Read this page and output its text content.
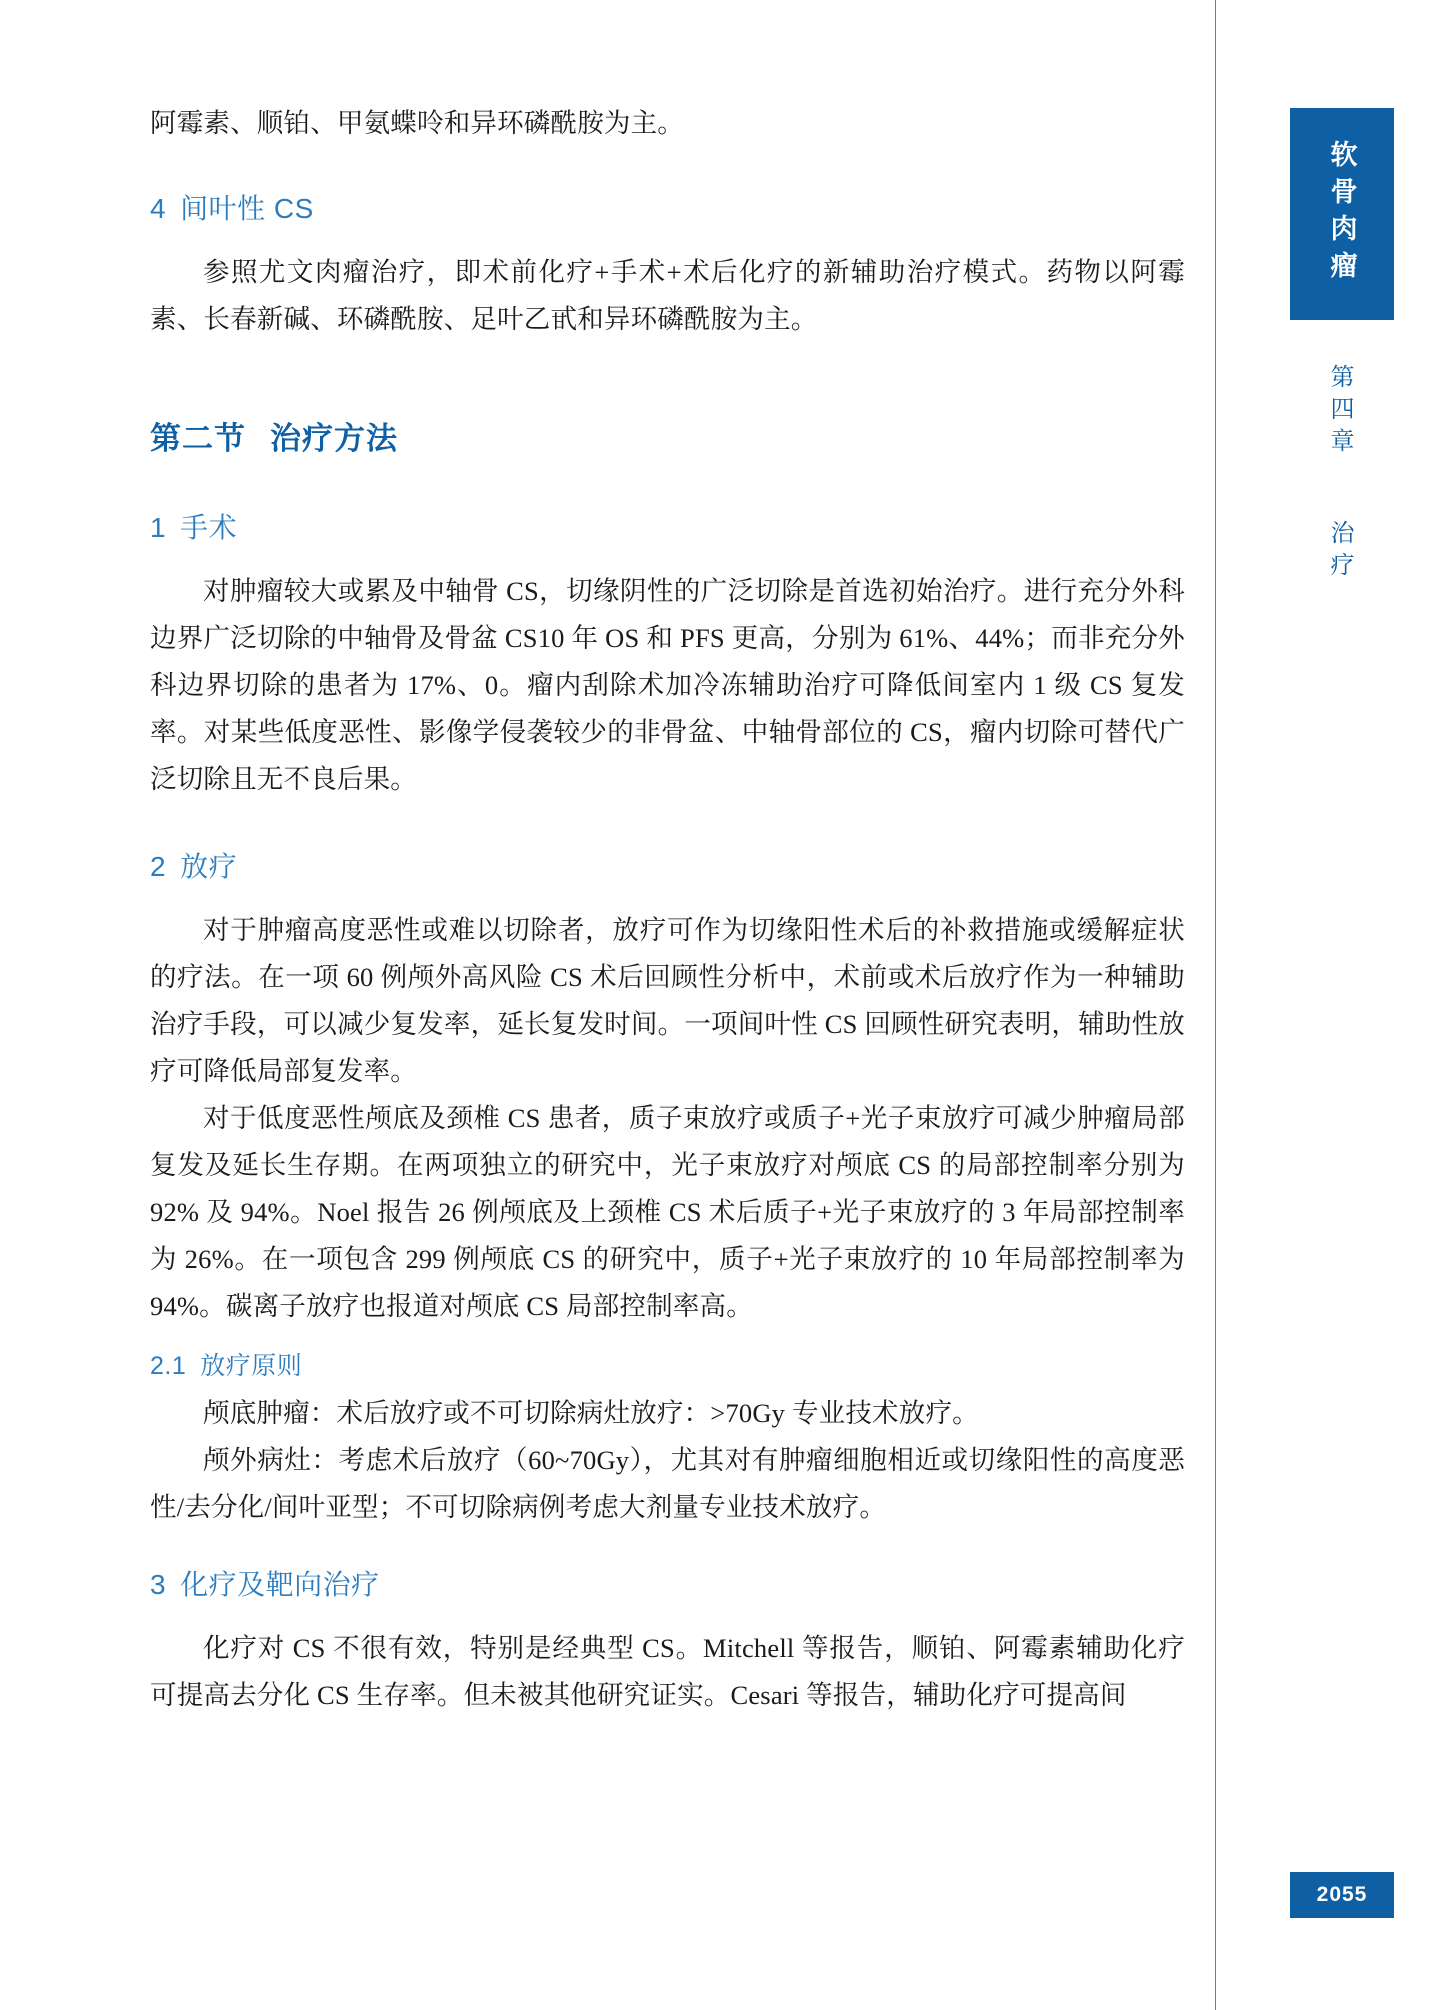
软骨肉瘤
第四章
治疗
2055

阿霉素、顺铂、甲氨蝶呤和异环磷酰胺为主。

4 间叶性 CS

参照尤文肉瘤治疗，即术前化疗+手术+术后化疗的新辅助治疗模式。药物以阿霉素、长春新碱、环磷酰胺、足叶乙甙和异环磷酰胺为主。

第二节 治疗方法
1 手术

对肿瘤较大或累及中轴骨 CS，切缘阴性的广泛切除是首选初始治疗。进行充分外科边界广泛切除的中轴骨及骨盆 CS10 年 OS 和 PFS 更高，分别为 61%、44%；而非充分外科边界切除的患者为 17%、0。瘤内刮除术加冷冻辅助治疗可降低间室内 1 级 CS 复发率。对某些低度恶性、影像学侵袭较少的非骨盆、中轴骨部位的 CS，瘤内切除可替代广泛切除且无不良后果。

2 放疗

对于肿瘤高度恶性或难以切除者，放疗可作为切缘阳性术后的补救措施或缓解症状的疗法。在一项 60 例颅外高风险 CS 术后回顾性分析中，术前或术后放疗作为一种辅助治疗手段，可以减少复发率，延长复发时间。一项间叶性 CS 回顾性研究表明，辅助性放疗可降低局部复发率。

对于低度恶性颅底及颈椎 CS 患者，质子束放疗或质子+光子束放疗可减少肿瘤局部复发及延长生存期。在两项独立的研究中，光子束放疗对颅底 CS 的局部控制率分别为 92% 及 94%。Noel 报告 26 例颅底及上颈椎 CS 术后质子+光子束放疗的 3 年局部控制率为 26%。在一项包含 299 例颅底 CS 的研究中，质子+光子束放疗的 10 年局部控制率为 94%。碳离子放疗也报道对颅底 CS 局部控制率高。

2.1 放疗原则

颅底肿瘤：术后放疗或不可切除病灶放疗：>70Gy 专业技术放疗。

颅外病灶：考虑术后放疗（60~70Gy），尤其对有肿瘤细胞相近或切缘阳性的高度恶性/去分化/间叶亚型；不可切除病例考虑大剂量专业技术放疗。

3 化疗及靶向治疗

化疗对 CS 不很有效，特别是经典型 CS。Mitchell 等报告，顺铂、阿霉素辅助化疗可提高去分化 CS 生存率。但未被其他研究证实。Cesari 等报告，辅助化疗可提高间
